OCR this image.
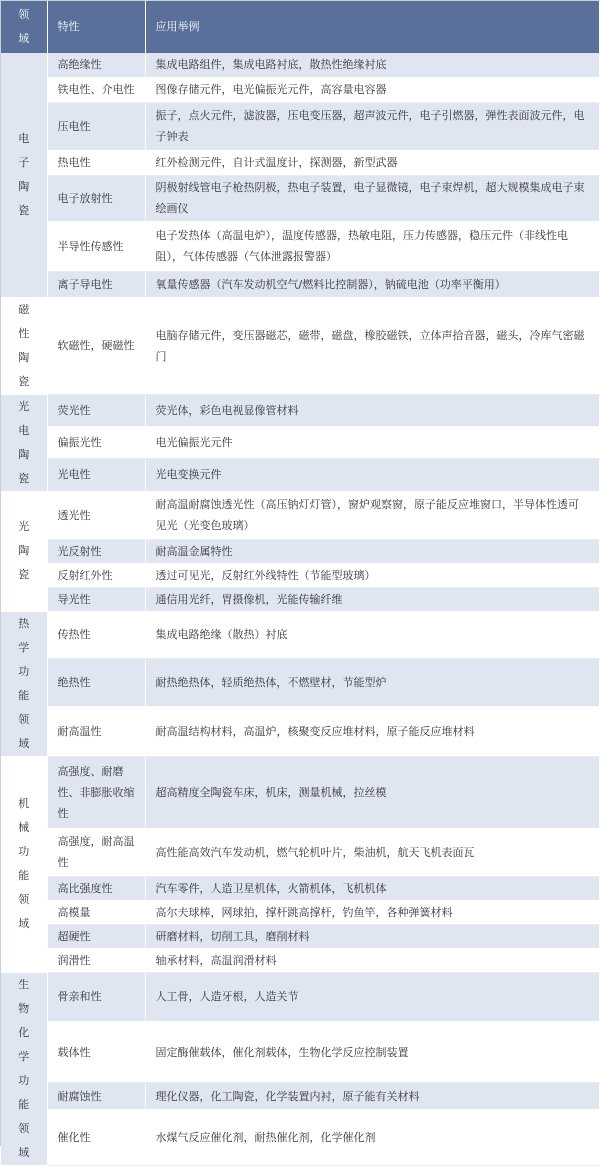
领域	特性	应用举例

电子陶瓷	高绝缘性	集成电路组件，集成电路衬底，散热性绝缘衬底
	铁电性、介电性	图像存储元件，电光偏振光元件，高容量电容器
	压电性	振子，点火元件，滤波器，压电变压器，超声波元件，电子引燃器，弹性表面波元件，电子钟表
	热电性	红外检测元件，自计式温度计，探测器，新型武器
	电子放射性	阴极射线管电子枪热阴极，热电子装置，电子显微镜，电子束焊机，超大规模集成电子束绘画仪
	半导性传感性	电子发热体（高温电炉），温度传感器，热敏电阻，压力传感器，稳压元件（非线性电阻），气体传感器（气体泄露报警器）
	离子导电性	氧量传感器（汽车发动机空气/燃料比控制器），钠硫电池（功率平衡用）

磁性陶瓷	软磁性，硬磁性	电脑存储元件，变压器磁芯，磁带，磁盘，橡胶磁铁，立体声拾音器，磁头，冷库气密磁门

光电陶瓷	荧光性	荧光体，彩色电视显像管材料
	偏振光性	电光偏振光元件
	光电性	光电变换元件

光陶瓷	透光性	耐高温耐腐蚀透光性（高压钠灯灯管），窗炉观察窗，原子能反应堆窗口，半导体性透可见光（光变色玻璃）
	光反射性	耐高温金属特性
	反射红外性	透过可见光，反射红外线特性（节能型玻璃）
	导光性	通信用光纤，胃摄像机，光能传输纤维

热学功能领域	传热性	集成电路绝缘（散热）衬底
	绝热性	耐热绝热体，轻质绝热体，不燃壁材，节能型炉
	耐高温性	耐高温结构材料，高温炉，核聚变反应堆材料，原子能反应堆材料

机械功能领域	高强度、耐磨性、非膨胀收缩性	超高精度全陶瓷车床，机床，测量机械，拉丝模
	高强度，耐高温性	高性能高效汽车发动机，燃气轮机叶片，柴油机，航天飞机表面瓦
	高比强度性	汽车零件，人造卫星机体，火箭机体，飞机机体
	高模量	高尔夫球棒，网球拍，撑杆跳高撑杆，钓鱼竿，各种弹簧材料
	超硬性	研磨材料，切削工具，磨削材料
	润滑性	轴承材料，高温润滑材料

生物化学功能领域	骨亲和性	人工骨，人造牙根，人造关节
	载体性	固定酶催载体，催化剂载体，生物化学反应控制装置
	耐腐蚀性	理化仪器，化工陶瓷，化学装置内衬，原子能有关材料
	催化性	水煤气反应催化剂，耐热催化剂，化学催化剂
